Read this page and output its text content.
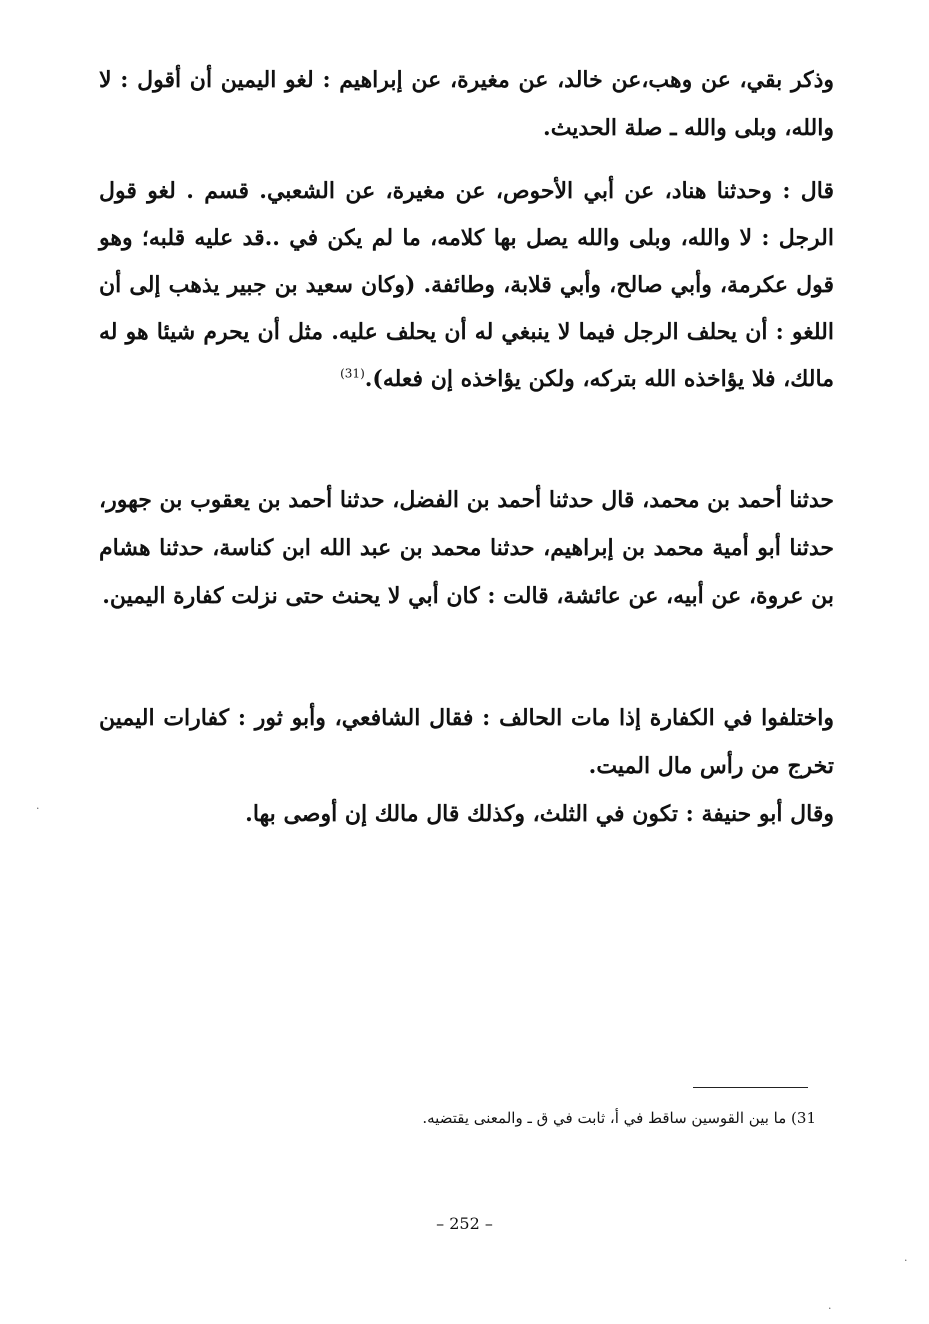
وذكر بقي، عن وهب،عن خالد، عن مغيرة، عن إبراهيم : لغو اليمين أن أقول : لا والله، وبلى والله ـ صلة الحديث.

قال : وحدثنا هناد، عن أبي الأحوص، عن مغيرة، عن الشعبي. قسم . لغو قول الرجل : لا والله، وبلى والله يصل بها كلامه، ما لم يكن في ..قد عليه قلبه؛ وهو قول عكرمة، وأبي صالح، وأبي قلابة، وطائفة. (وكان سعيد بن جبير يذهب إلى أن اللغو : أن يحلف الرجل فيما لا ينبغي له أن يحلف عليه. مثل أن يحرم شيئا هو له مالك، فلا يؤاخذه الله بتركه، ولكن يؤاخذه إن فعله).$^{(31)}$

حدثنا أحمد بن محمد، قال حدثنا أحمد بن الفضل، حدثنا أحمد بن يعقوب بن جهور، حدثنا أبو أمية محمد بن إبراهيم، حدثنا محمد بن عبد الله ابن كناسة، حدثنا هشام بن عروة، عن أبيه، عن عائشة، قالت : كان أبي لا يحنث حتى نزلت كفارة اليمين.

واختلفوا في الكفارة إذا مات الحالف : فقال الشافعي، وأبو ثور : كفارات اليمين تخرج من رأس مال الميت.

وقال أبو حنيفة : تكون في الثلث، وكذلك قال مالك إن أوصى بها.

31) ما بين القوسين ساقط في أ، ثابت في ق ـ والمعنى يقتضيه.
– 252 –
·
·
·
